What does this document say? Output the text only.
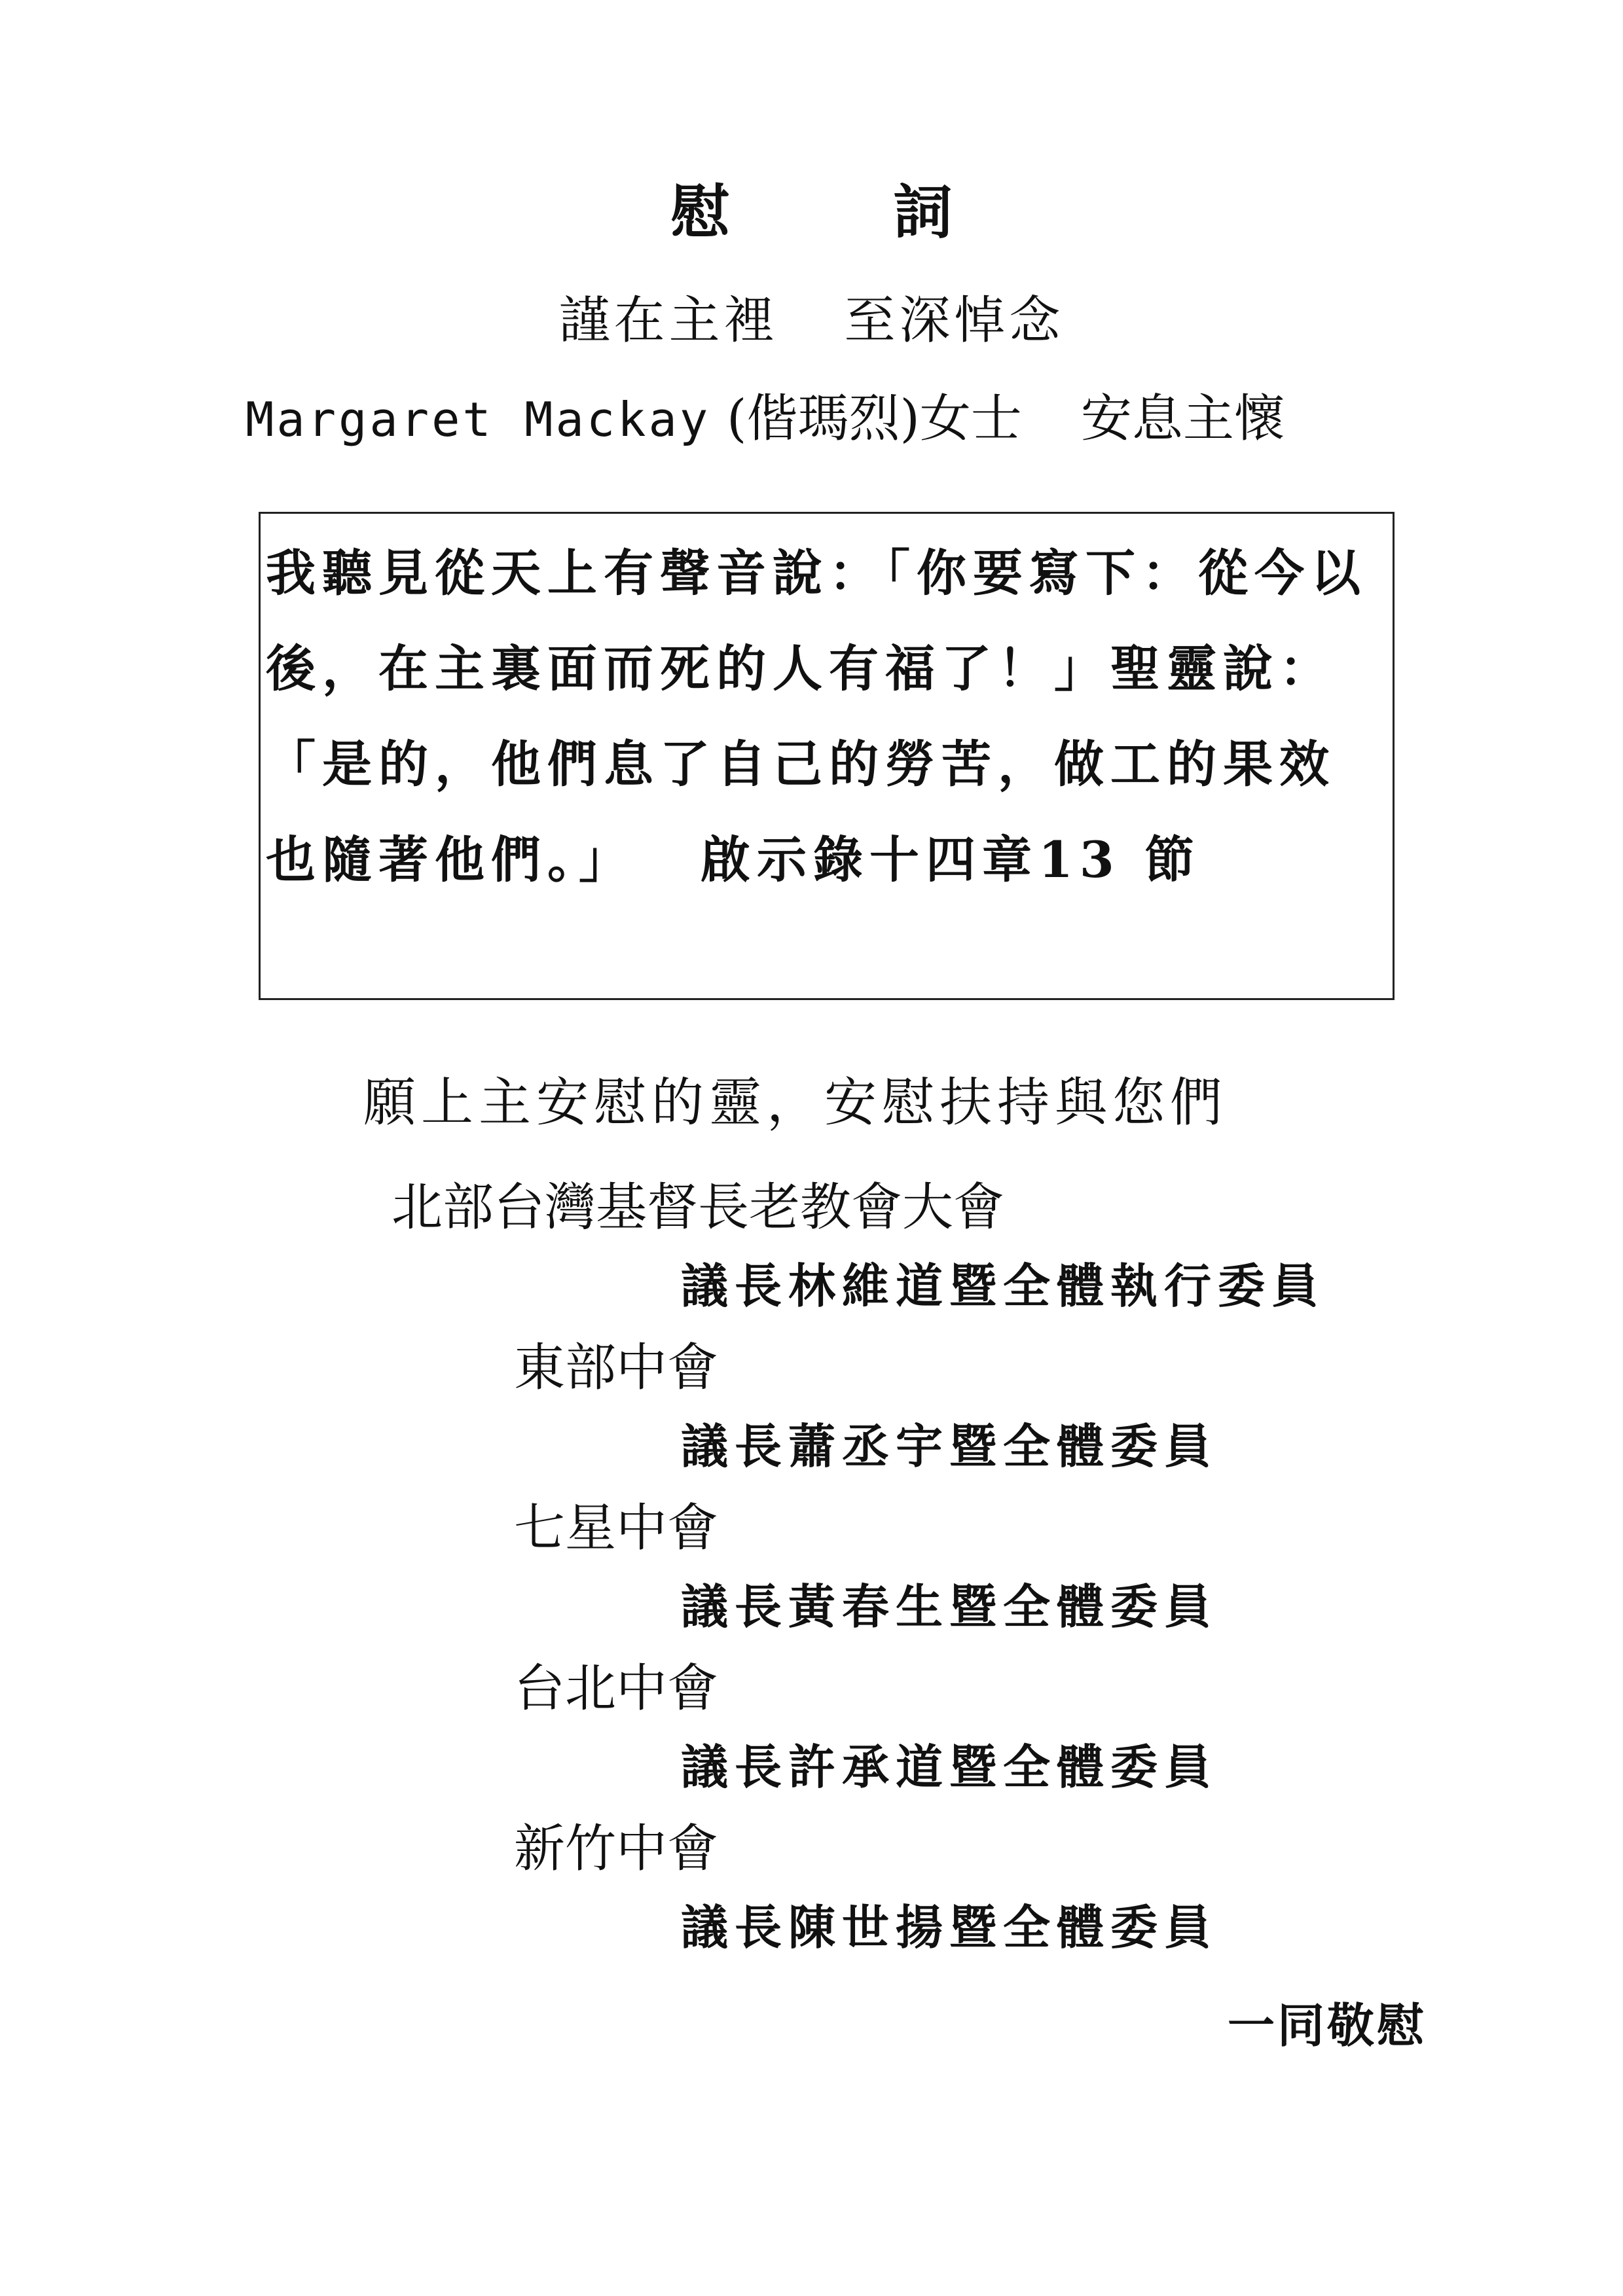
慰詞
謹在主裡 至深悼念
Margaret Mackay (偕瑪烈)女士 安息主懷
我聽見從天上有聲音說：「你要寫下：從今以後，在主裏面而死的人有福了！」聖靈說：「是的，他們息了自己的勞苦，做工的果效也隨著他們。」 啟示錄十四章13 節
願上主安慰的靈，安慰扶持與您們
北部台灣基督長老教會大會
議長林維道暨全體執行委員
東部中會
議長蕭丞宇暨全體委員
七星中會
議長黃春生暨全體委員
台北中會
議長許承道暨全體委員
新竹中會
議長陳世揚暨全體委員
一同敬慰
